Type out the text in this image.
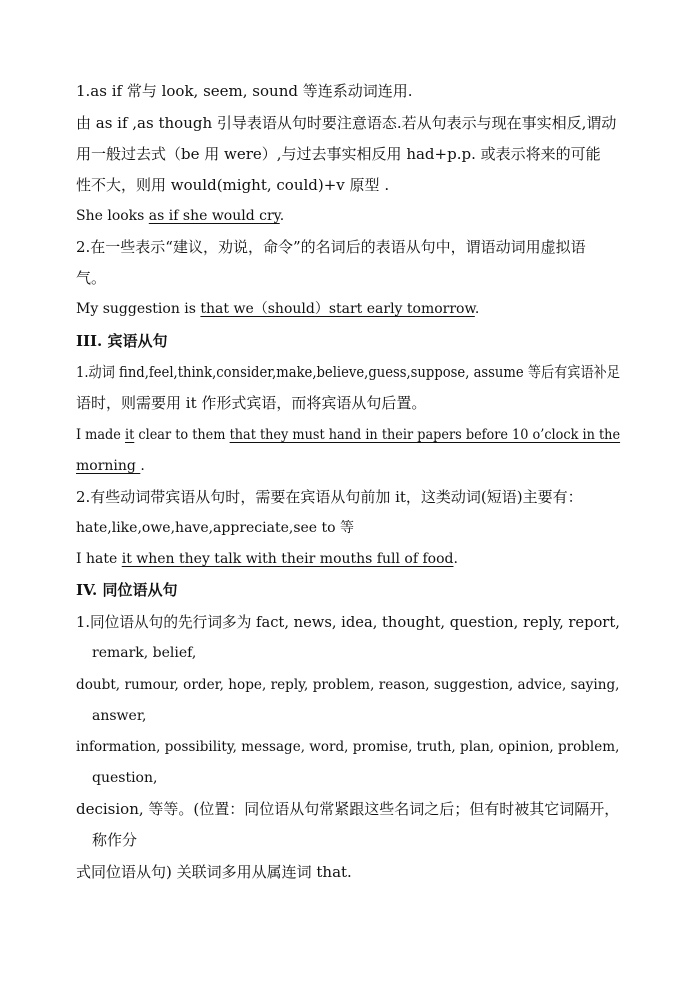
1.as if 常与 look, seem, sound 等连系动词连用.
由 as if ,as though 引导表语从句时要注意语态.若从句表示与现在事实相反,谓动
用一般过去式（be 用 were）,与过去事实相反用 had+p.p. 或表示将来的可能
性不大，则用 would(might, could)+v 原型 .
She looks as if she would cry.
2.在一些表示“建议，劝说，命令”的名词后的表语从句中，谓语动词用虚拟语
气。
My suggestion is that we（should）start early tomorrow.
III. 宾语从句
1.动词 find,feel,think,consider,make,believe,guess,suppose, assume 等后有宾语补足
语时，则需要用 it 作形式宾语，而将宾语从句后置。
I made it clear to them that they must hand in their papers before 10 o’clock in the
morning .
2.有些动词带宾语从句时，需要在宾语从句前加 it，这类动词(短语)主要有：
hate,like,owe,have,appreciate,see to 等
I hate it when they talk with their mouths full of food.
IV. 同位语从句
1.同位语从句的先行词多为 fact, news, idea, thought, question, reply, report,
remark, belief,
doubt, rumour, order, hope, reply, problem, reason, suggestion, advice, saying,
answer,
information, possibility, message, word, promise, truth, plan, opinion, problem,
question,
decision, 等等。(位置：同位语从句常紧跟这些名词之后；但有时被其它词隔开，
称作分
式同位语从句) 关联词多用从属连词 that.
